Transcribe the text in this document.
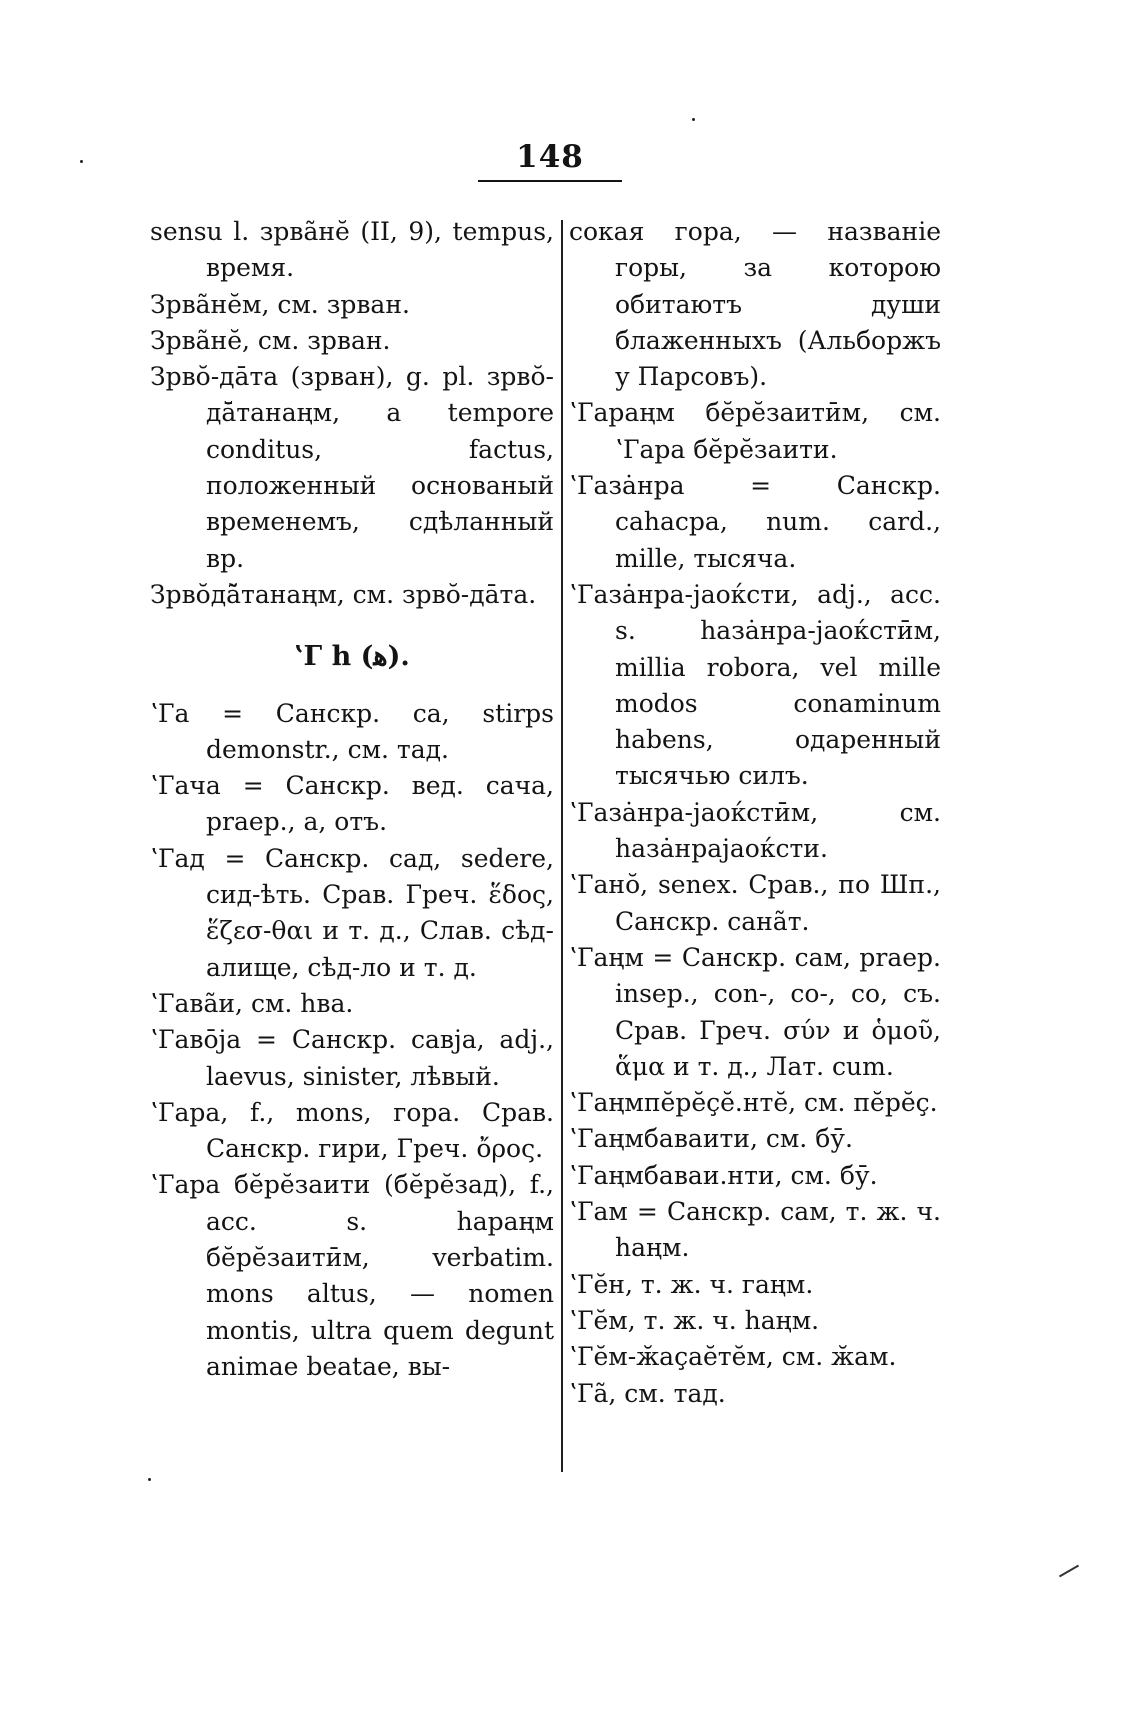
148

sensu l. зрва̃нӗ (II, 9), tempus, время.

Зрва̃нӗм, см. зрван.

Зрва̃нӗ, см. зрван.

Зрво̆-да̄та (зрван), g. pl. зрво̆-да̄̆танаңм, a tempore conditus, factus, положенный основаный временемъ, сдѣланный вр.

Зрво̆да̃̆танаңм, см. зрво̆-да̄та.

ʽГ h (ﻫ).

ʽГа = Санскр. са, stirps demonstr., см. тад.

ʽГача = Санскр. вед. сача, praep., a, отъ.

ʽГад = Санскр. сад, sedere, сид-ѣть. Срав. Греч. ἕδος, ἕζεσ-θαι и т. д., Слав. сѣд-алище, сѣд-ло и т. д.

ʽГава̃и, см. hва.

ʽГаво̄ја = Санскр. савја, adj., laevus, sinister, лѣвый.

ʽГара, f., mons, гора. Срав. Санскр. гири, Греч. ὄρος.

ʽГара бӗрӗзаити (бӗрӗзад), f., acc. s. hараңм бӗрӗзаитӣм, verbatim. mons altus, — nomen montis, ultra quem degunt animae beatae, вы-

сокая гора, — названіе горы, за которою обитаютъ души блаженныхъ (Альборжъ у Парсовъ).

ʽГараңм бӗрӗзаитӣм, см. ʽГара бӗрӗзаити.

ʽГаза̇нра = Санскр. саhасра, num. card., mille, тысяча.

ʽГаза̇нра-јаоќсти, adj., acc. s. hаза̇нра-јаоќстӣм, millia robora, vel mille modos conaminum habens, одаренный тысячью силъ.

ʽГаза̇нра-јаоќстӣм, см. hаза̇нрајаоќсти.

ʽГано̆, senex. Срав., по Шп., Санскр. сана̃т.

ʽГаңм = Санскр. сам, praep. insep., con-, co-, co, съ. Срав. Греч. σύν и ὁμοῦ, ἅμα и т. д., Лат. cum.

ʽГаңмпӗрӗҫӗ.нтӗ, см. пӗрӗҫ.

ʽГаңмбаваити, см. бӯ.

ʽГаңмбаваи.нти, см. бӯ.

ʽГам = Санскр. сам, т. ж. ч. hаңм.

ʽГӗн, т. ж. ч. гаңм.

ʽГӗм, т. ж. ч. hаңм.

ʽГӗм-ӂаҫаӗтӗм, см. ӂам.

ʽГа̃, см. тад.
